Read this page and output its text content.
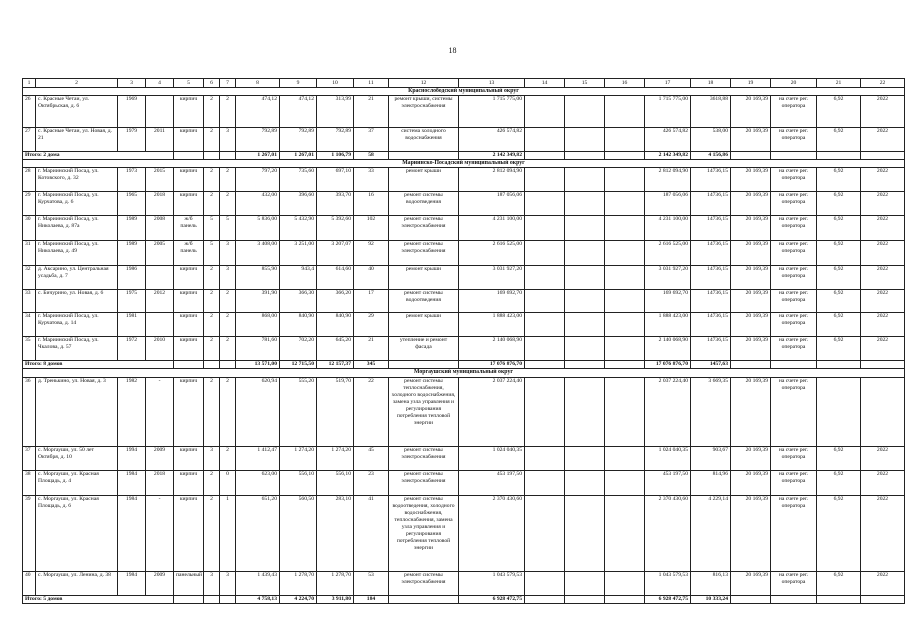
18
1	2	3	4	5	6	7	8	9	10	11	12	13	14	15	16	17	18	19	20	21	22
Краснослободский муниципальный округ																					
26	с. Красные Четаи, ул. Октябрьская, д. 6	1969		кирпич	2	2	474,12	474,12	313,99	21	ремонт крыши, системы электроснабжения	1 715 775,00				1 715 775,00	3618,88	20 169,39	на счете рег. оператора	6,92	2022
27	с. Красные Четаи, ул. Новая, д. 21	1979	2011	кирпич	2	3	792,89	792,89	792,89	37	система холодного водоснабжения	426 574,82				426 574,82	538,00	20 169,39	на счете рег. оператора	6,92	2022
Итого: 2 дома							1 267,01	1 267,01	1 106,79	58		2 142 349,82				2 142 349,82	4 156,86				
Мариинско-Посадский муниципальный округ																					
28	г. Мариинский Посад, ул. Котовского, д. 32	1973	2015	кирпич	2	2	797,20	735,60	697,10	33	ремонт крыши	2 812 094,90				2 812 094,90	14736,15	20 169,39	на счете рег. оператора	6,92	2022
29	г. Мариинский Посад, ул. Курчатова, д. 6	1965	2018	кирпич	2	2	432,00	396,60	393,70	16	ремонт системы водоотведения	187 056,06				187 056,06	14736,15	20 169,39	на счете рег. оператора	6,92	2022
30	г. Мариинский Посад, ул. Николаева, д. 87а	1989	2008	ж/б панель	5	5	5 836,00	5 432,90	5 392,60	102	ремонт системы электроснабжения	4 231 100,00				4 231 100,00	14736,15	20 169,39	на счете рег. оператора	6,92	2022
31	г. Мариинский Посад, ул. Николаева, д. 49	1989	2005	ж/б панель	5	3	3 408,00	3 251,00	3 207,07	92	ремонт системы электроснабжения	2 616 525,00				2 616 525,00	14736,15	20 169,39	на счете рег. оператора	6,92	2022
32	д. Аксарино, ул. Центральная усадьба, д. 7	1986		кирпич	2	3	855,90	943,4	614,60	40	ремонт крыши	3 031 927,20				3 031 927,20	14736,15	20 169,39	на счете рег. оператора	6,92	2022
33	с. Бичурино, ул. Новая, д. 6	1975	2012	кирпич	2	2	391,90	366,30	366,20	17	ремонт системы водоотведения	169 692,70				169 692,70	14736,15	20 169,39	на счете рег. оператора	6,92	2022
34	г. Мариинский Посад, ул. Курчатова, д. 14	1981		кирпич	2	2	868,00	840,90	840,90	29	ремонт крыши	1 888 423,00				1 888 423,00	14736,15	20 169,39	на счете рег. оператора	6,92	2022
35	г. Мариинский Посад, ул. Чкалова, д. 57	1972	2010	кирпич	2	2	781,60	702,20	645,20	21	утепление и ремонт фасада	2 140 068,90				2 140 068,90	14736,15	20 169,39	на счете рег. оператора	6,92	2022
Итого: 8 домов							13 571,00	12 715,50	12 157,37	345		17 076 876,70				17 076 876,70	1457,63				
Моргаушский муниципальный округ																					
36	д. Тренькино, ул. Новая, д. 3	1982	-	кирпич	2	2	620,94	555,20	519,70	22	ремонт системы теплоснабжения, холодного водоснабжения, замена узла управления и регулирования потребления тепловой энергии	2 037 224,40				2 037 224,40	3 669,35	20 169,39	на счете рег. оператора		
37	с. Моргауши, ул. 50 лет Октября, д. 10	1994	2009	кирпич	3	2	1 412,47	1 274,20	1 274,20	45	ремонт системы электроснабжения	1 024 040,35				1 024 040,35	903,67	20 169,39	на счете рег. оператора	6,92	2022
38	с. Моргауши, ул. Красная Площадь, д. 4	1984	2018	кирпич	2	0	623,00	556,10	556,10	23	ремонт системы электроснабжения	453 197,50				453 197,50	814,96	20 169,39	на счете рег. оператора	6,92	2022
39	с. Моргауши, ул. Красная Площадь, д. 6	1984	-	кирпич	2	1	651,20	560,50	283,10	41	ремонт системы водоотведения, холодного водоснабжения, теплоснабжения, замена узла управления и регулирования потребления тепловой энергии	2 370 430,60				2 370 430,60	4 229,14	20 169,39	на счете рег. оператора	6,92	2022
40	с. Моргауши, ул. Ленина, д. 38	1984	2009	панельный	3	3	1 439,43	1 278,70	1 278,70	53	ремонт системы электроснабжения	1 043 579,53				1 043 579,53	816,13	20 169,39	на счете рег. оператора	6,92	2022
Итого: 5 домов							4 758,13	4 224,70	3 911,80	184		6 928 472,75				6 928 472,75	10 333,24				
